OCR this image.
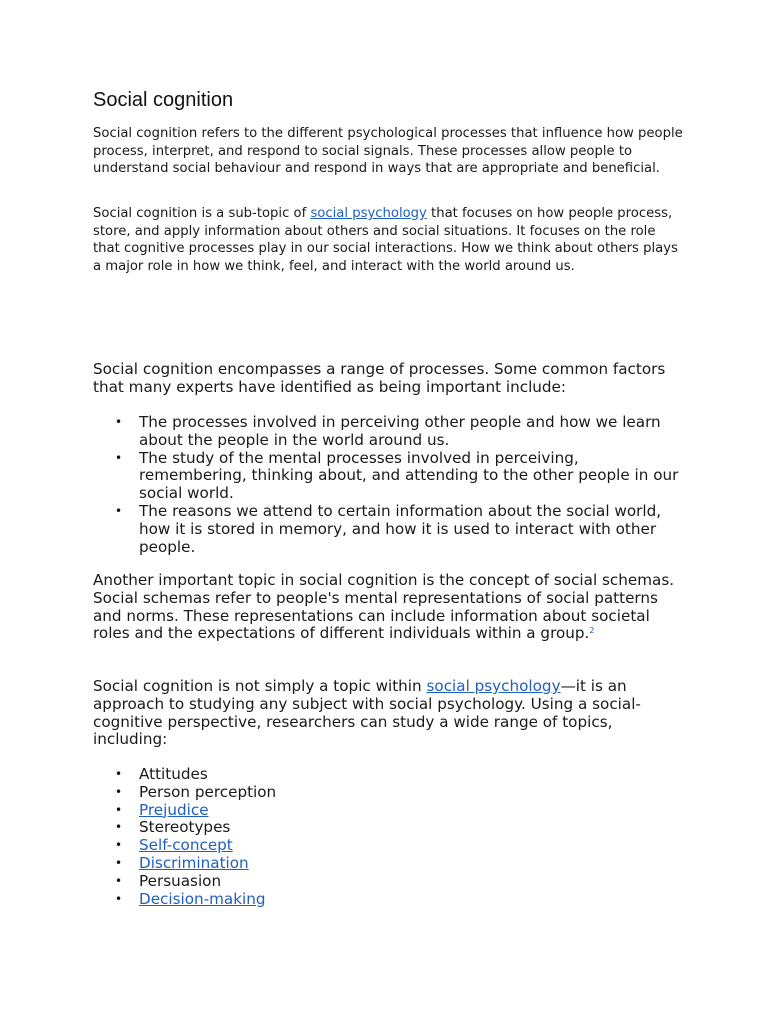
Social cognition

Social cognition refers to the different psychological processes that influence how people process, interpret, and respond to social signals. These processes allow people to understand social behaviour and respond in ways that are appropriate and beneficial.

Social cognition is a sub-topic of social psychology that focuses on how people process, store, and apply information about others and social situations. It focuses on the role that cognitive processes play in our social interactions. How we think about others plays a major role in how we think, feel, and interact with the world around us.

Social cognition encompasses a range of processes. Some common factors that many experts have identified as being important include:

• The processes involved in perceiving other people and how we learn about the people in the world around us.
• The study of the mental processes involved in perceiving, remembering, thinking about, and attending to the other people in our social world.
• The reasons we attend to certain information about the social world, how it is stored in memory, and how it is used to interact with other people.

Another important topic in social cognition is the concept of social schemas. Social schemas refer to people's mental representations of social patterns and norms. These representations can include information about societal roles and the expectations of different individuals within a group.$^2$

Social cognition is not simply a topic within social psychology—it is an approach to studying any subject with social psychology. Using a social-cognitive perspective, researchers can study a wide range of topics, including:

• Attitudes
• Person perception
• Prejudice
• Stereotypes
• Self-concept
• Discrimination
• Persuasion
• Decision-making
